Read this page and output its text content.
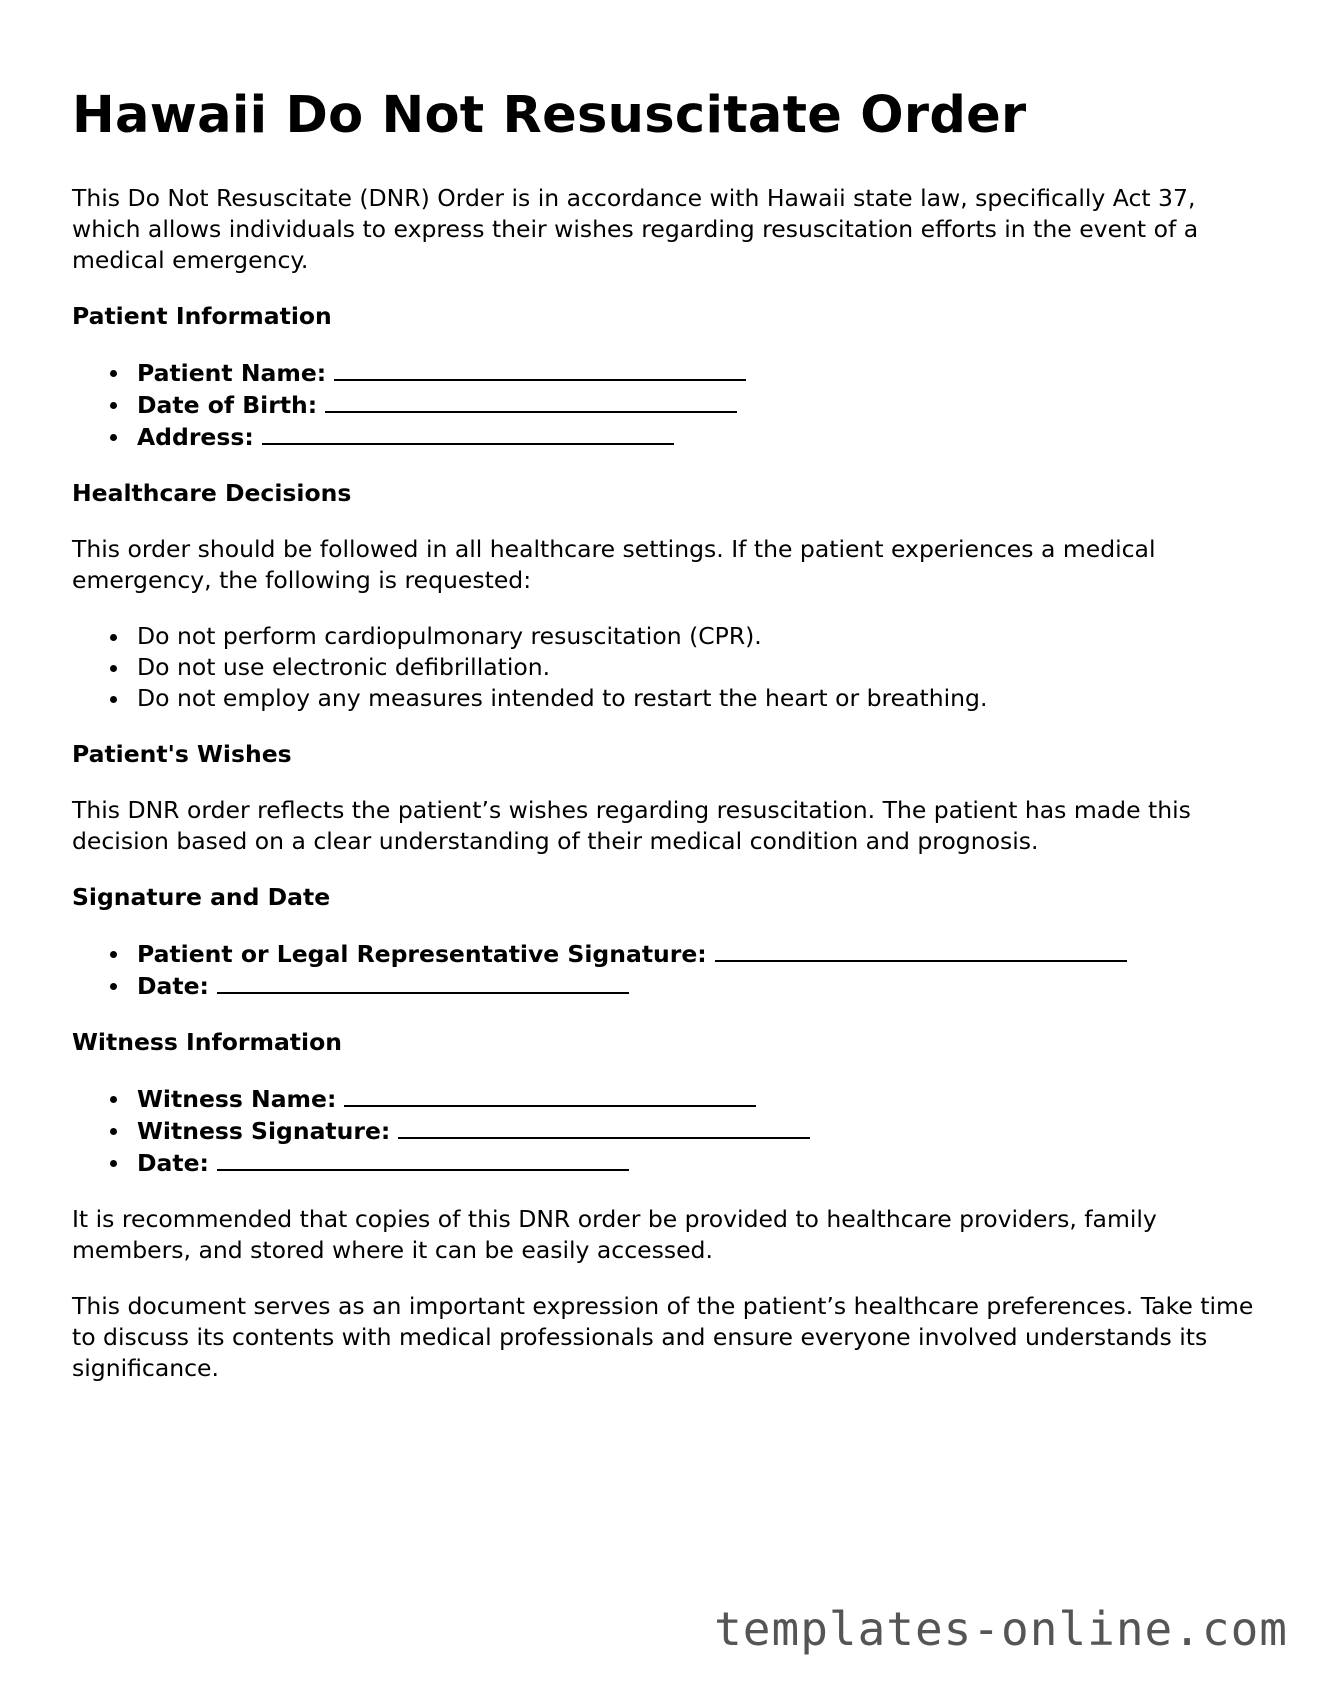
Hawaii Do Not Resuscitate Order

This Do Not Resuscitate (DNR) Order is in accordance with Hawaii state law, specifically Act 37, which allows individuals to express their wishes regarding resuscitation efforts in the event of a medical emergency.

Patient Information
Patient Name:
Date of Birth:
Address:
Healthcare Decisions

This order should be followed in all healthcare settings. If the patient experiences a medical emergency, the following is requested:

Do not perform cardiopulmonary resuscitation (CPR).
Do not use electronic defibrillation.
Do not employ any measures intended to restart the heart or breathing.
Patient's Wishes

This DNR order reflects the patient’s wishes regarding resuscitation. The patient has made this decision based on a clear understanding of their medical condition and prognosis.

Signature and Date
Patient or Legal Representative Signature:
Date:
Witness Information
Witness Name:
Witness Signature:
Date:

It is recommended that copies of this DNR order be provided to healthcare providers, family members, and stored where it can be easily accessed.

This document serves as an important expression of the patient’s healthcare preferences. Take time to discuss its contents with medical professionals and ensure everyone involved understands its significance.

templates-online.com
